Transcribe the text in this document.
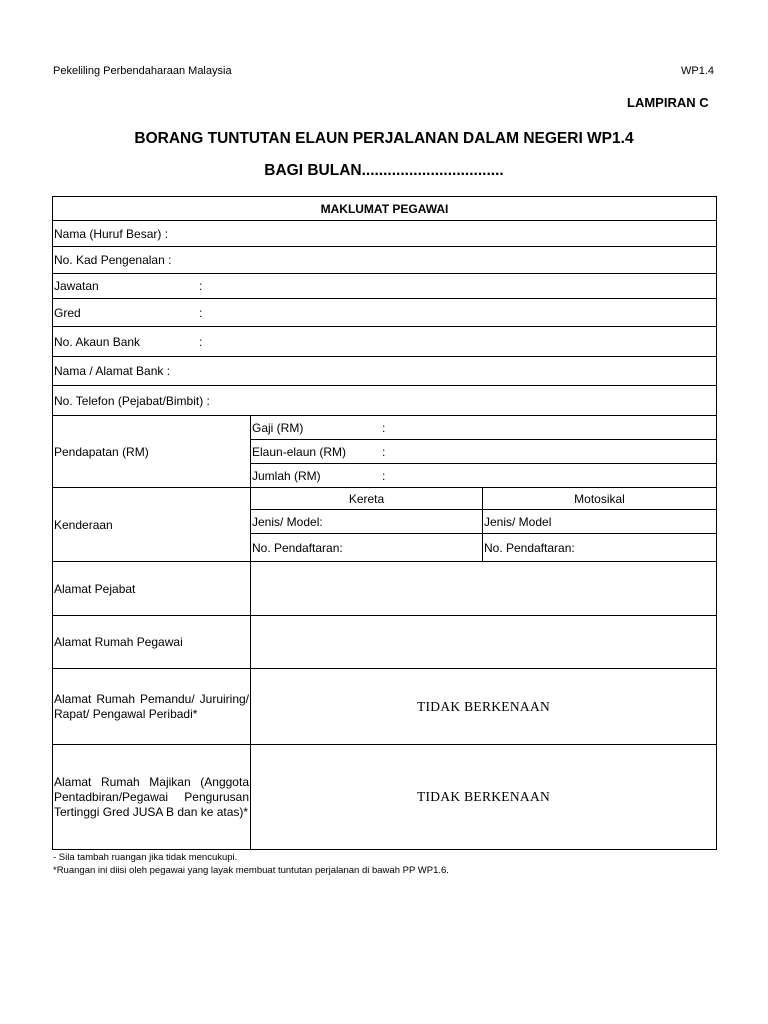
Pekeliling Perbendaharaan Malaysia	WP1.4
LAMPIRAN C
BORANG TUNTUTAN ELAUN PERJALANAN DALAM NEGERI WP1.4
BAGI BULAN.................................
MAKLUMAT PEGAWAI		
Nama (Huruf Besar) :		
No. Kad Pengenalan :		
Jawatan :		
Gred :		
No. Akaun Bank :		
Nama / Alamat Bank :		
No. Telefon (Pejabat/Bimbit) :		
Pendapatan (RM)	Gaji (RM) :	
	Elaun-elaun (RM) :	
	Jumlah (RM) :	
Kenderaan	Kereta	Motosikal
	Jenis/ Model:	Jenis/ Model
	No. Pendaftaran:	No. Pendaftaran:
Alamat Pejabat		
Alamat Rumah Pegawai		
Alamat Rumah Pemandu/ Juruiring/ Rapat/ Pengawal Peribadi*	TIDAK BERKENAAN	
Alamat Rumah Majikan (Anggota Pentadbiran/Pegawai Pengurusan Tertinggi Gred JUSA B dan ke atas)*	TIDAK BERKENAAN	
- Sila tambah ruangan jika tidak mencukupi.
*Ruangan ini diisi oleh pegawai yang layak membuat tuntutan perjalanan di bawah PP WP1.6.
